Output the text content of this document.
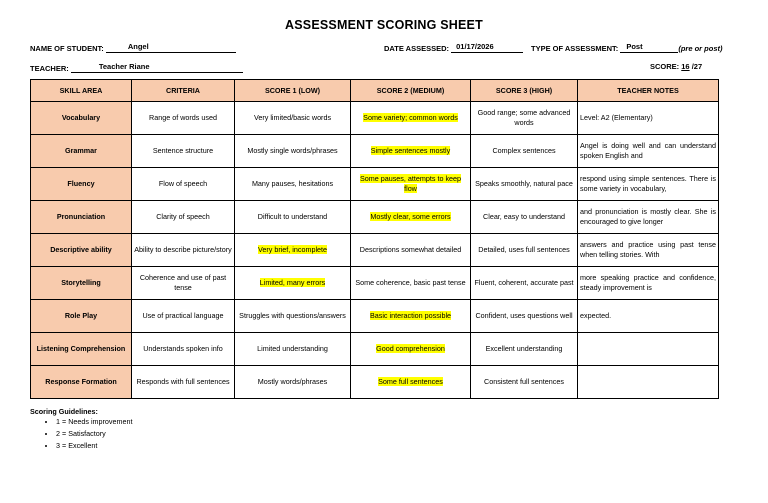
ASSESSMENT SCORING SHEET
NAME OF STUDENT:	Angel	DATE ASSESSED: 01/17/2026	TYPE OF ASSESSMENT: Post	(pre or post)
TEACHER:	Teacher Riane	SCORE: 16 /27
SKILL AREA	CRITERIA	SCORE 1 (LOW)	SCORE 2 (MEDIUM)	SCORE 3 (HIGH)	TEACHER NOTES
Vocabulary	Range of words used	Very limited/basic words	Some variety; common words	Good range; some advanced words	Level: A2 (Elementary)
Grammar	Sentence structure	Mostly single words/phrases	Simple sentences mostly	Complex sentences	Angel is doing well and can understand spoken English and
Fluency	Flow of speech	Many pauses, hesitations	Some pauses, attempts to keep flow	Speaks smoothly, natural pace	respond using simple sentences. There is some variety in vocabulary,
Pronunciation	Clarity of speech	Difficult to understand	Mostly clear, some errors	Clear, easy to understand	and pronunciation is mostly clear. She is encouraged to give longer
Descriptive ability	Ability to describe picture/story	Very brief, incomplete	Descriptions somewhat detailed	Detailed, uses full sentences	answers and practice using past tense when telling stories. With
Storytelling	Coherence and use of past tense	Limited, many errors	Some coherence, basic past tense	Fluent, coherent, accurate past	more speaking practice and confidence, steady improvement is
Role Play	Use of practical language	Struggles with questions/answers	Basic interaction possible	Confident, uses questions well	expected.
Listening Comprehension	Understands spoken info	Limited understanding	Good comprehension	Excellent understanding	
Response Formation	Responds with full sentences	Mostly words/phrases	Some full sentences	Consistent full sentences	
Scoring Guidelines:
• 1 = Needs improvement
• 2 = Satisfactory
• 3 = Excellent
